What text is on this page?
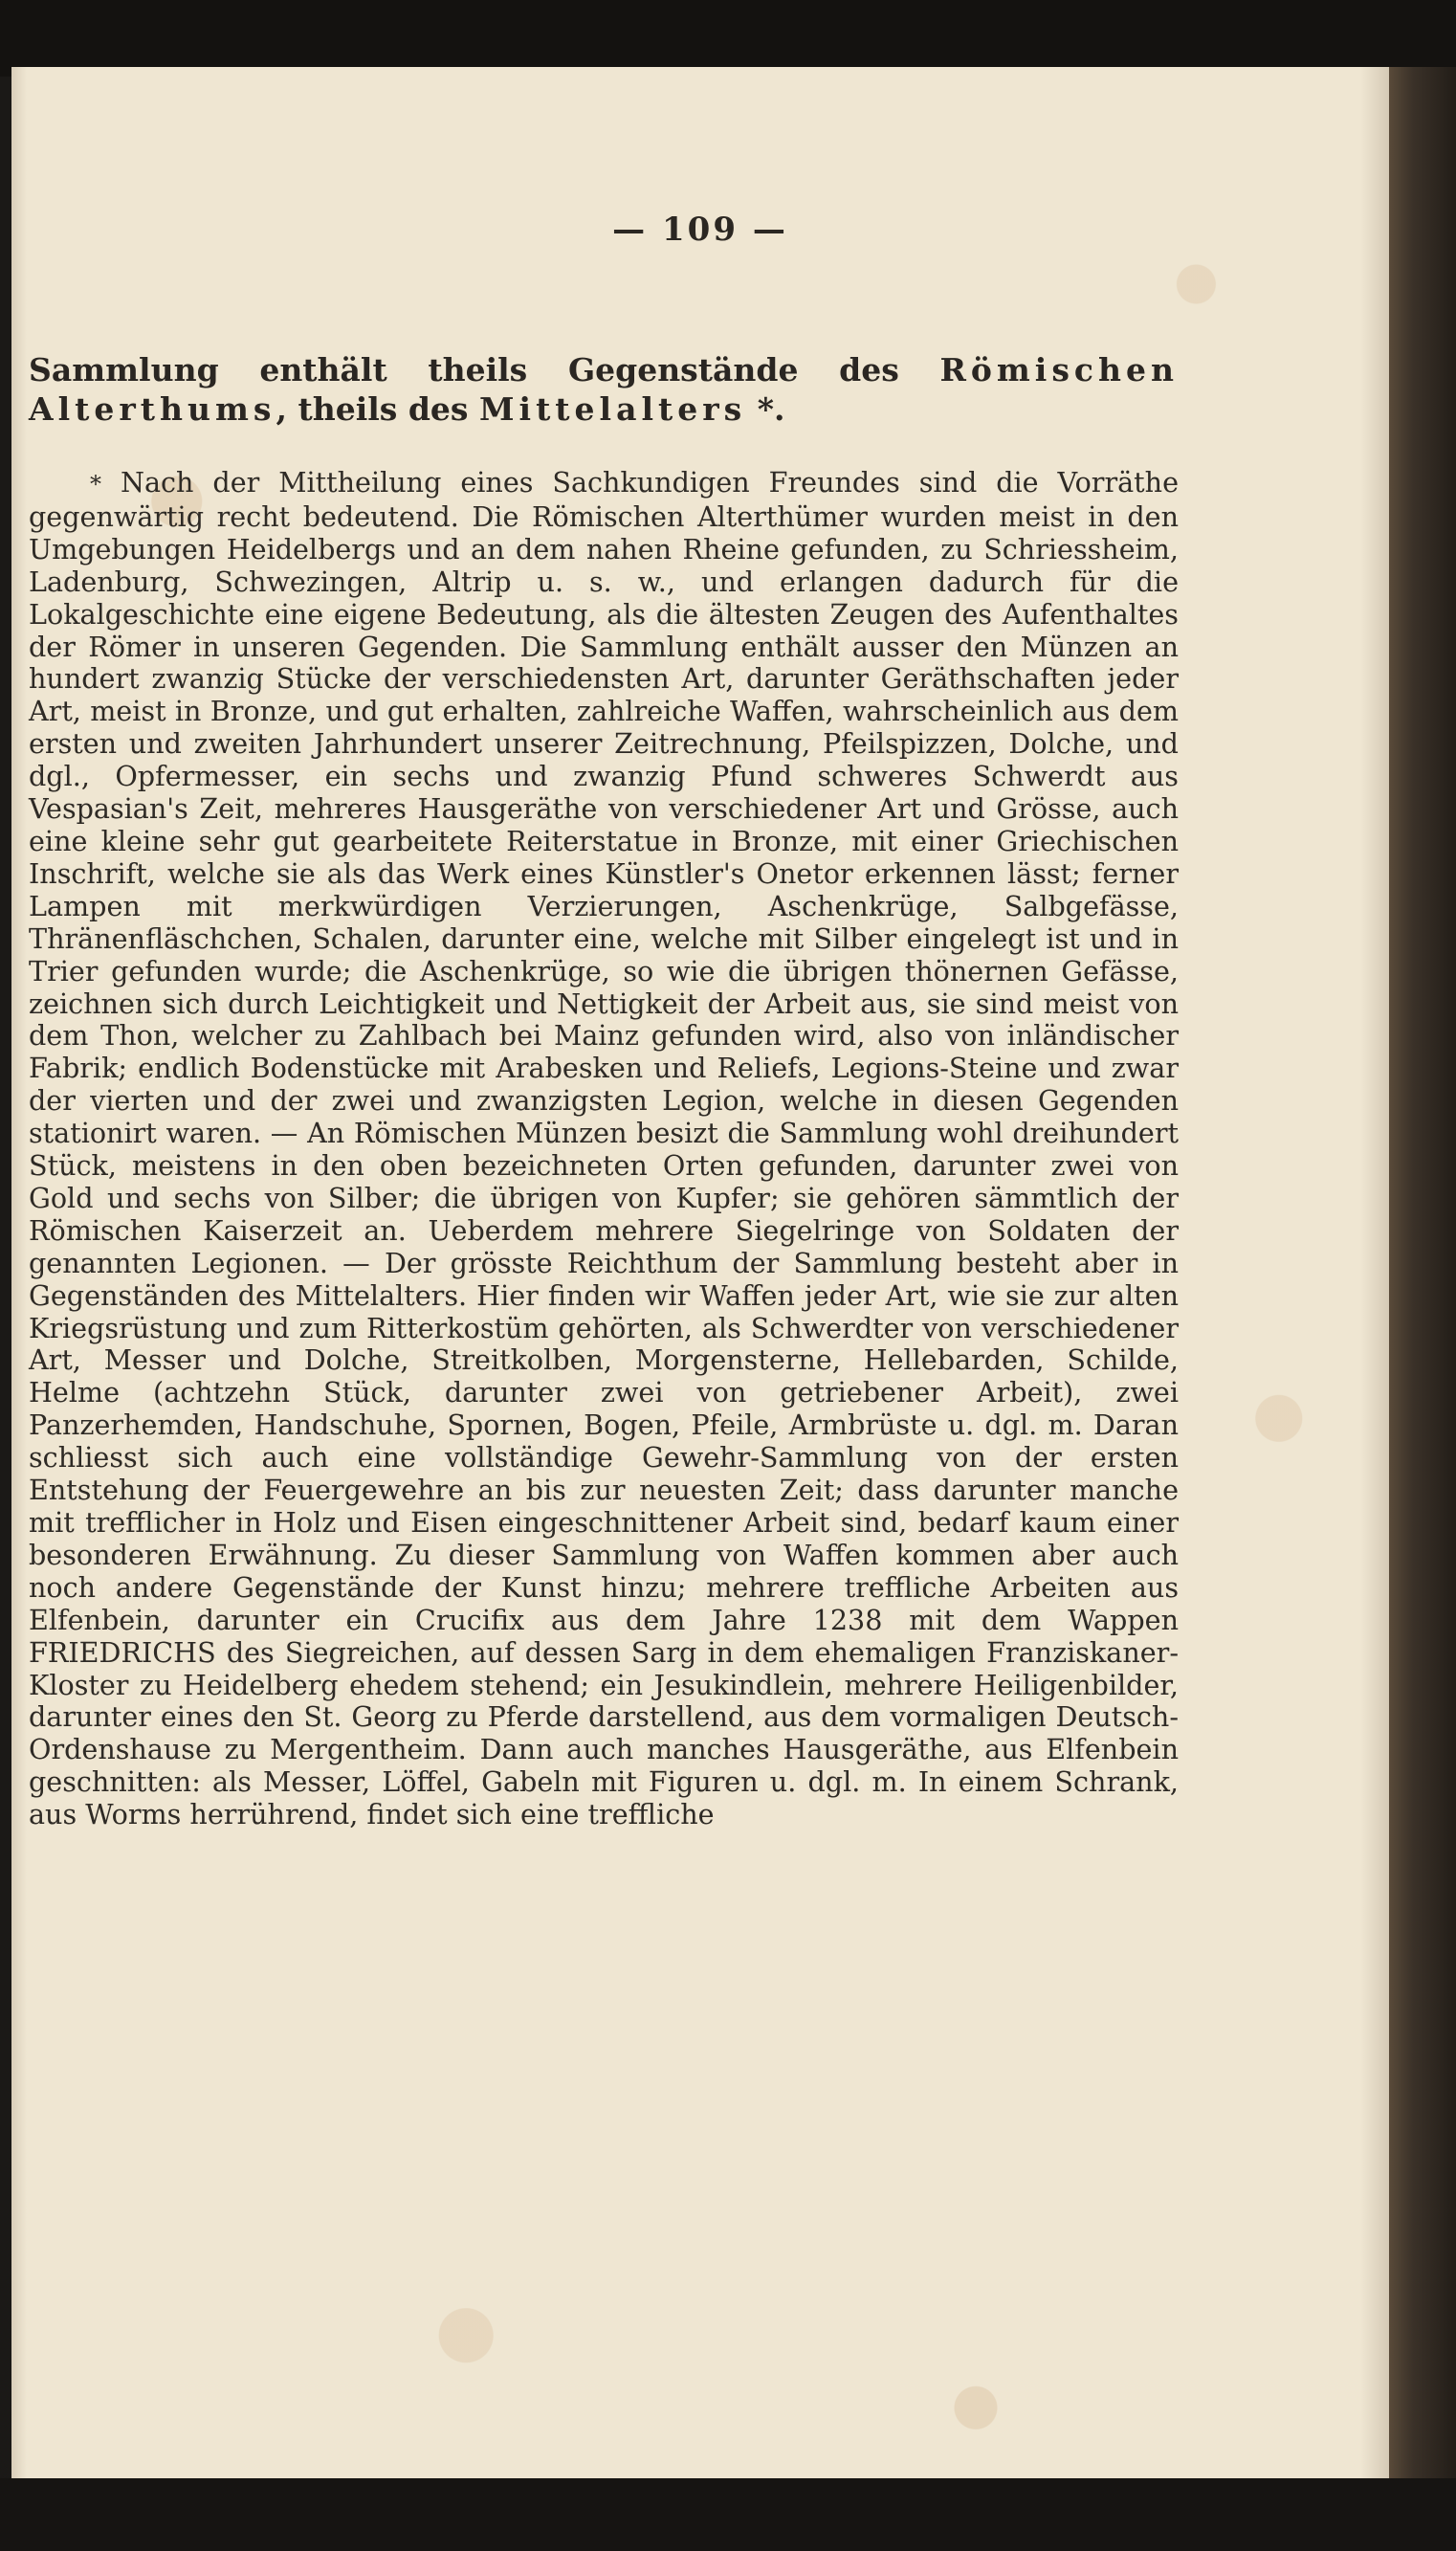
— 109 —
Sammlung enthält theils Gegenstände des Römischen Alterthums, theils des Mittelalters *.
* Nach der Mittheilung eines Sachkundigen Freundes sind die Vorräthe gegenwärtig recht bedeutend. Die Römischen Alterthümer wurden meist in den Umgebungen Heidelbergs und an dem nahen Rheine gefunden, zu Schriessheim, Ladenburg, Schwezingen, Altrip u. s. w., und erlangen dadurch für die Lokalgeschichte eine eigene Bedeutung, als die ältesten Zeugen des Aufenthaltes der Römer in unseren Gegenden. Die Sammlung enthält ausser den Münzen an hundert zwanzig Stücke der verschiedensten Art, darunter Geräthschaften jeder Art, meist in Bronze, und gut erhalten, zahlreiche Waffen, wahrscheinlich aus dem ersten und zweiten Jahrhundert unserer Zeitrechnung, Pfeilspizzen, Dolche, und dgl., Opfermesser, ein sechs und zwanzig Pfund schweres Schwerdt aus Vespasian's Zeit, mehreres Hausgeräthe von verschiedener Art und Grösse, auch eine kleine sehr gut gearbeitete Reiterstatue in Bronze, mit einer Griechischen Inschrift, welche sie als das Werk eines Künstler's Onetor erkennen lässt; ferner Lampen mit merkwürdigen Verzierungen, Aschenkrüge, Salbgefässe, Thränenfläschchen, Schalen, darunter eine, welche mit Silber eingelegt ist und in Trier gefunden wurde; die Aschenkrüge, so wie die übrigen thönernen Gefässe, zeichnen sich durch Leichtigkeit und Nettigkeit der Arbeit aus, sie sind meist von dem Thon, welcher zu Zahlbach bei Mainz gefunden wird, also von inländischer Fabrik; endlich Bodenstücke mit Arabesken und Reliefs, Legions-Steine und zwar der vierten und der zwei und zwanzigsten Legion, welche in diesen Gegenden stationirt waren. — An Römischen Münzen besizt die Sammlung wohl dreihundert Stück, meistens in den oben bezeichneten Orten gefunden, darunter zwei von Gold und sechs von Silber; die übrigen von Kupfer; sie gehören sämmtlich der Römischen Kaiserzeit an. Ueberdem mehrere Siegelringe von Soldaten der genannten Legionen. — Der grösste Reichthum der Sammlung besteht aber in Gegenständen des Mittelalters. Hier finden wir Waffen jeder Art, wie sie zur alten Kriegsrüstung und zum Ritterkostüm gehörten, als Schwerdter von verschiedener Art, Messer und Dolche, Streitkolben, Morgensterne, Hellebarden, Schilde, Helme (achtzehn Stück, darunter zwei von getriebener Arbeit), zwei Panzerhemden, Handschuhe, Spornen, Bogen, Pfeile, Armbrüste u. dgl. m. Daran schliesst sich auch eine vollständige Gewehr-Sammlung von der ersten Entstehung der Feuergewehre an bis zur neuesten Zeit; dass darunter manche mit trefflicher in Holz und Eisen eingeschnittener Arbeit sind, bedarf kaum einer besonderen Erwähnung. Zu dieser Sammlung von Waffen kommen aber auch noch andere Gegenstände der Kunst hinzu; mehrere treffliche Arbeiten aus Elfenbein, darunter ein Crucifix aus dem Jahre 1238 mit dem Wappen FRIEDRICHS des Siegreichen, auf dessen Sarg in dem ehemaligen Franziskaner-Kloster zu Heidelberg ehedem stehend; ein Jesukindlein, mehrere Heiligenbilder, darunter eines den St. Georg zu Pferde darstellend, aus dem vormaligen Deutsch-Ordenshause zu Mergentheim. Dann auch manches Hausgeräthe, aus Elfenbein geschnitten: als Messer, Löffel, Gabeln mit Figuren u. dgl. m. In einem Schrank, aus Worms herrührend, findet sich eine treffliche
